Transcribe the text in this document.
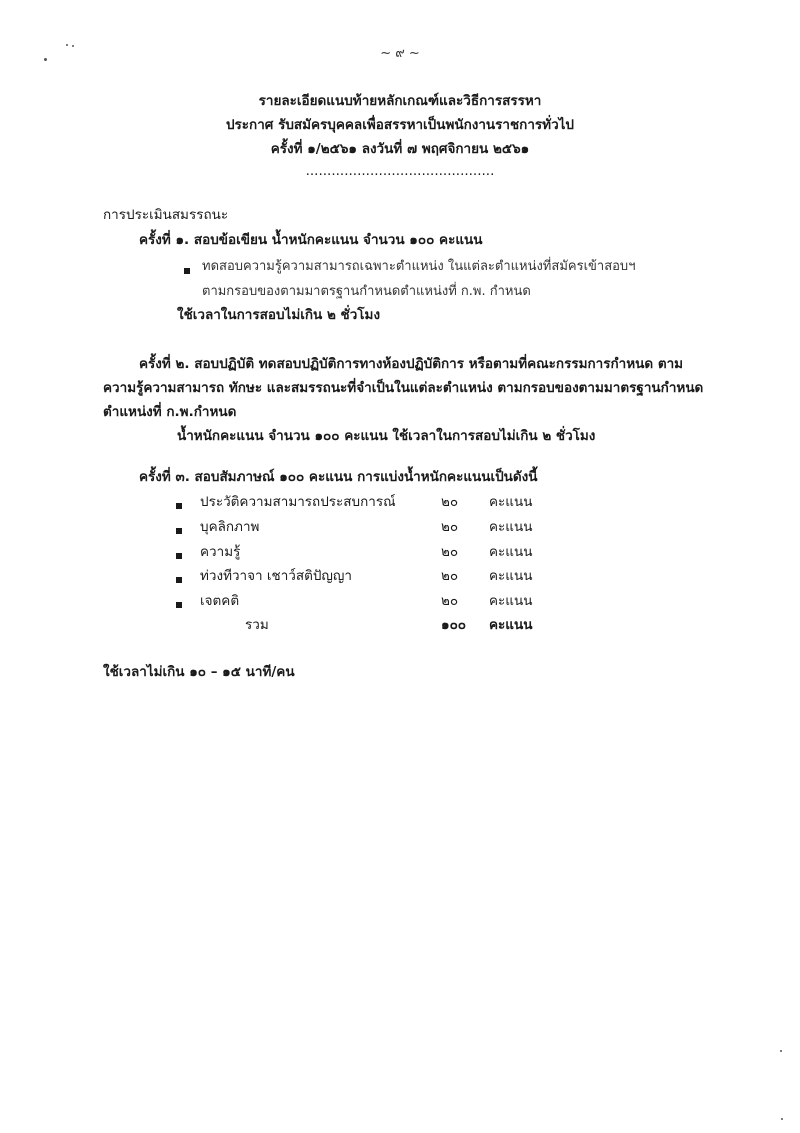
~ ๙ ~
รายละเอียดแนบท้ายหลักเกณฑ์และวิธีการสรรหา
ประกาศ รับสมัครบุคคลเพื่อสรรหาเป็นพนักงานราชการทั่วไป
ครั้งที่ ๑/๒๕๖๑ ลงวันที่ ๗ พฤศจิกายน ๒๕๖๑
............................................
การประเมินสมรรถนะ
ครั้งที่ ๑. สอบข้อเขียน น้ำหนักคะแนน จำนวน ๑๐๐ คะแนน
ทดสอบความรู้ความสามารถเฉพาะตำแหน่ง ในแต่ละตำแหน่งที่สมัครเข้าสอบฯ
ตามกรอบของตามมาตรฐานกำหนดตำแหน่งที่ ก.พ. กำหนด
ใช้เวลาในการสอบไม่เกิน ๒ ชั่วโมง
ครั้งที่ ๒. สอบปฏิบัติ ทดสอบปฏิบัติการทางห้องปฏิบัติการ หรือตามที่คณะกรรมการกำหนด ตาม
ความรู้ความสามารถ ทักษะ และสมรรถนะที่จำเป็นในแต่ละตำแหน่ง ตามกรอบของตามมาตรฐานกำหนด
ตำแหน่งที่ ก.พ.กำหนด
น้ำหนักคะแนน จำนวน ๑๐๐ คะแนน ใช้เวลาในการสอบไม่เกิน ๒ ชั่วโมง
ครั้งที่ ๓. สอบสัมภาษณ์ ๑๐๐ คะแนน การแบ่งน้ำหนักคะแนนเป็นดังนี้
ประวัติความสามารถประสบการณ์	๒๐ คะแนน
บุคลิกภาพ	๒๐ คะแนน
ความรู้	๒๐ คะแนน
ท่วงทีวาจา เชาว์สติปัญญา	๒๐ คะแนน
เจตคติ	๒๐ คะแนน
รวม	๑๐๐ คะแนน
ใช้เวลาไม่เกิน ๑๐ – ๑๕ นาที/คน
